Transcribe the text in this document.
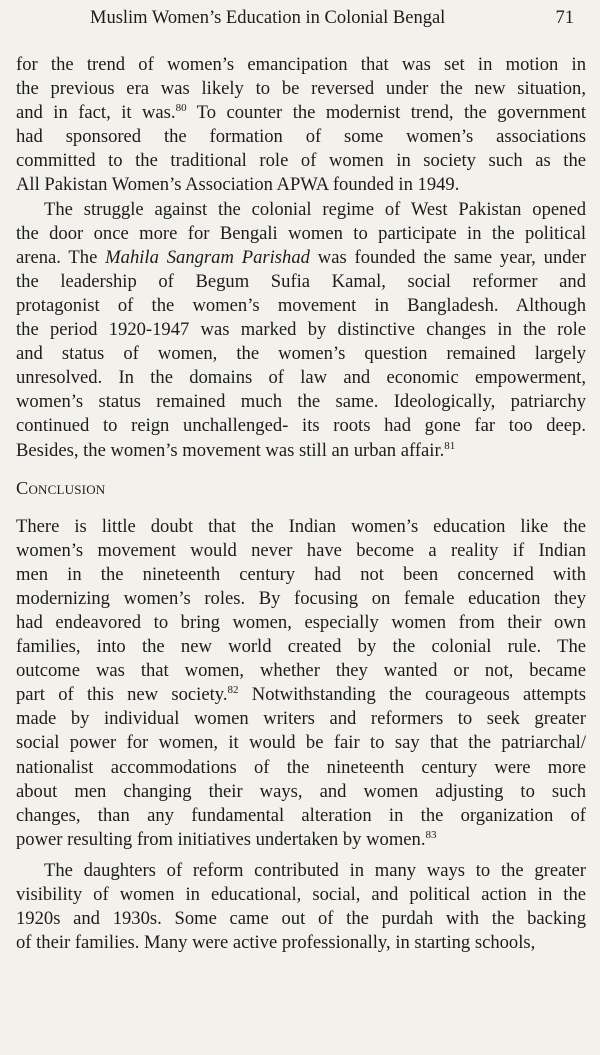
Muslim Women’s Education in Colonial Bengal	71

for the trend of women’s emancipation that was set in motion in
the previous era was likely to be reversed under the new situation,
and in fact, it was.$^{80}$ To counter the modernist trend, the government
had sponsored the formation of some women’s associations
committed to the traditional role of women in society such as the
All Pakistan Women’s Association APWA founded in 1949.

The struggle against the colonial regime of West Pakistan opened
the door once more for Bengali women to participate in the political
arena. The Mahila Sangram Parishad was founded the same year, under
the leadership of Begum Sufia Kamal, social reformer and
protagonist of the women’s movement in Bangladesh. Although
the period 1920-1947 was marked by distinctive changes in the role
and status of women, the women’s question remained largely
unresolved. In the domains of law and economic empowerment,
women’s status remained much the same. Ideologically, patriarchy
continued to reign unchallenged- its roots had gone far too deep.
Besides, the women’s movement was still an urban affair.$^{81}$

Conclusion

There is little doubt that the Indian women’s education like the
women’s movement would never have become a reality if Indian
men in the nineteenth century had not been concerned with
modernizing women’s roles. By focusing on female education they
had endeavored to bring women, especially women from their own
families, into the new world created by the colonial rule. The
outcome was that women, whether they wanted or not, became
part of this new society.$^{82}$ Notwithstanding the courageous attempts
made by individual women writers and reformers to seek greater
social power for women, it would be fair to say that the patriarchal/
nationalist accommodations of the nineteenth century were more
about men changing their ways, and women adjusting to such
changes, than any fundamental alteration in the organization of
power resulting from initiatives undertaken by women.$^{83}$

The daughters of reform contributed in many ways to the greater
visibility of women in educational, social, and political action in the
1920s and 1930s. Some came out of the purdah with the backing
of their families. Many were active professionally, in starting schools,
